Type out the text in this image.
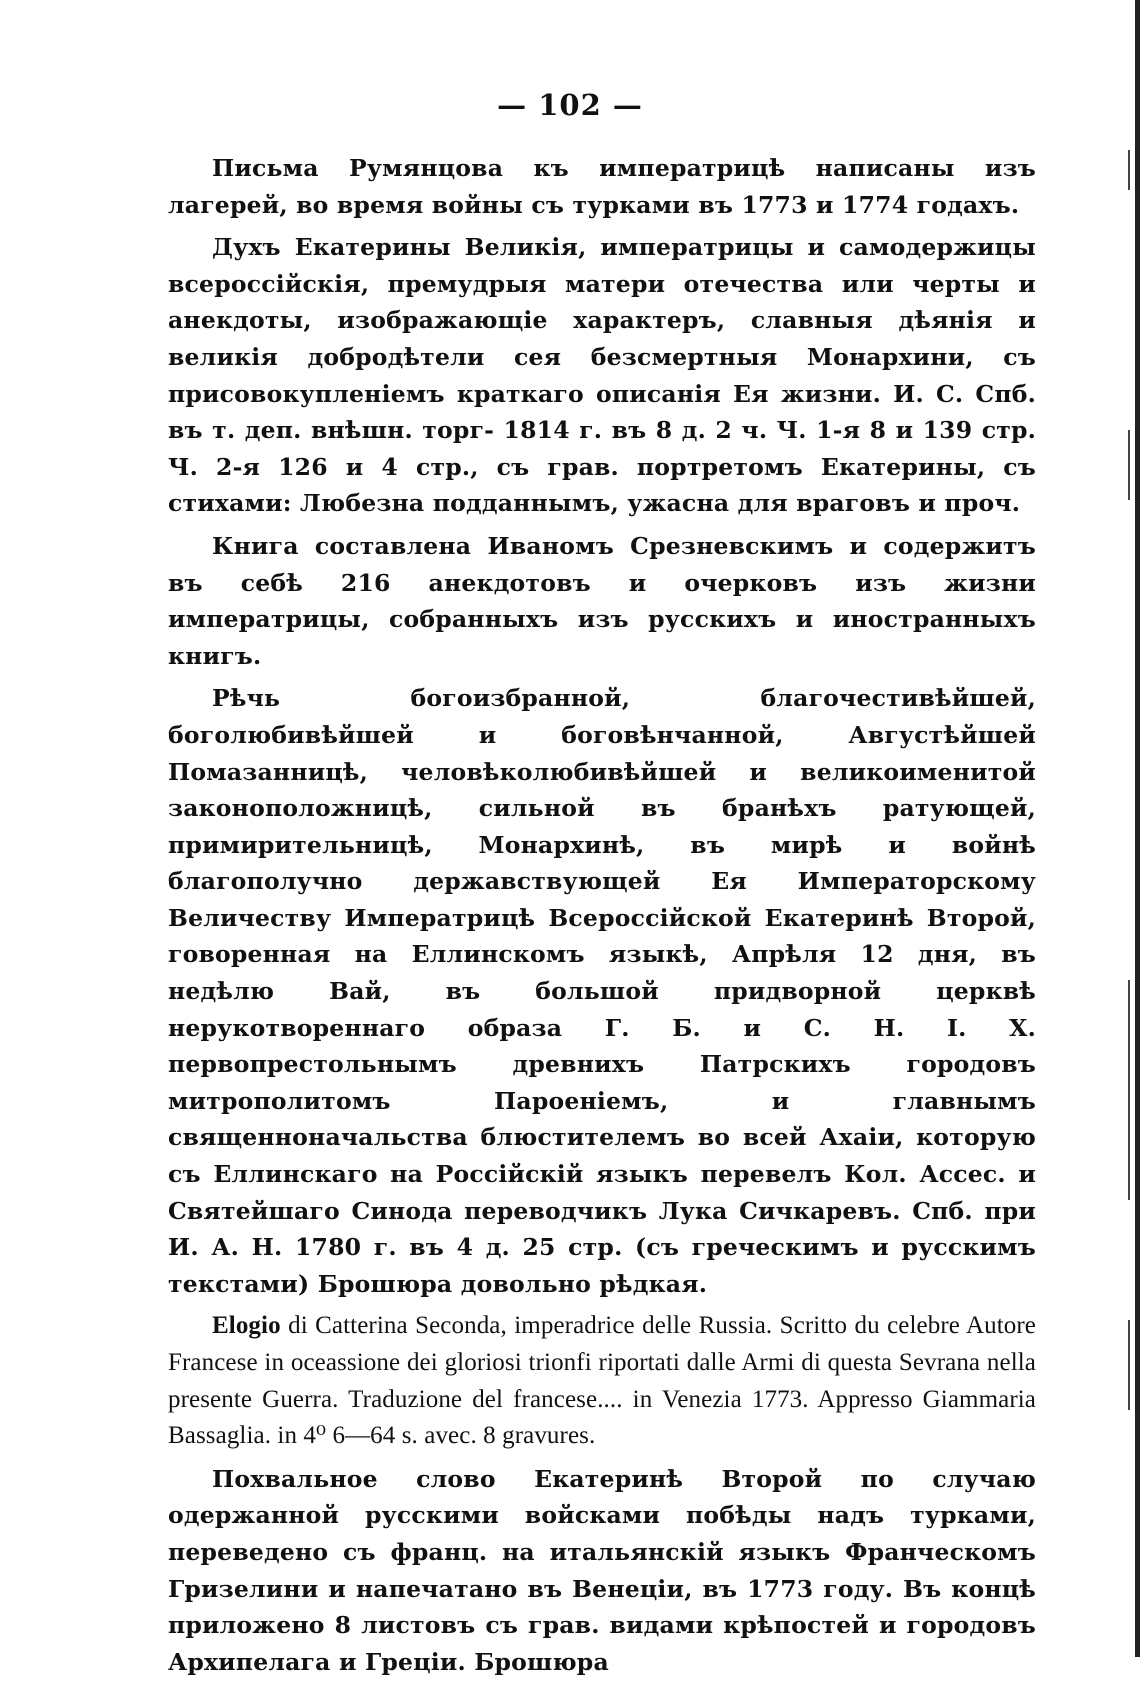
— 102 —

Письма Румянцова къ императрицѣ написаны изъ лагерей, во время войны съ турками въ 1773 и 1774 годахъ.

Духъ Екатерины Великія, императрицы и самодержицы всероссійскія, премудрыя матери отечества или черты и анекдоты, изображающіе характеръ, славныя дѣянія и великія добродѣтели сея безсмертныя Монархини, съ присовокупленіемъ краткаго описанія Ея жизни. И. С. Спб. въ т. деп. внѣшн. торг- 1814 г. въ 8 д. 2 ч. Ч. 1-я 8 и 139 стр. Ч. 2-я 126 и 4 стр., съ грав. портретомъ Екатерины, съ стихами: Любезна подданнымъ, ужасна для враговъ и проч.

Книга составлена Иваномъ Срезневскимъ и содержитъ въ себѣ 216 анекдотовъ и очерковъ изъ жизни императрицы, собранныхъ изъ русскихъ и иностранныхъ книгъ.

Рѣчь богоизбранной, благочестивѣйшей, боголюбивѣйшей и боговѣнчанной, Августѣйшей Помазанницѣ, человѣколюбивѣйшей и великоименитой законоположницѣ, сильной въ бранѣхъ ратующей, примирительницѣ, Монархинѣ, въ мирѣ и войнѣ благополучно державствующей Ея Императорскому Величеству Императрицѣ Всероссійской Екатеринѣ Второй, говоренная на Еллинскомъ языкѣ, Апрѣля 12 дня, въ недѣлю Вай, въ большой придворной церквѣ нерукотвореннаго образа Г. Б. и С. Н. І. Х. первопрестольнымъ древнихъ Патрскихъ городовъ митрополитомъ Пароеніемъ, и главнымъ священноначальства блюстителемъ во всей Ахаіи, которую съ Еллинскаго на Россійскій языкъ перевелъ Кол. Ассес. и Святейшаго Синода переводчикъ Лука Сичкаревъ. Спб. при И. А. Н. 1780 г. въ 4 д. 25 стр. (съ греческимъ и русскимъ текстами) Брошюра довольно рѣдкая.

Elogio di Catterina Seconda, imperadrice delle Russia. Scritto du celebre Autore Francese in oceassione dei gloriosi trionfi riportati dalle Armi di questa Sevrana nella presente Guerra. Traduzione del francese.... in Venezia 1773. Appresso Giammaria Bassaglia. in 4⁰ 6—64 s. avec. 8 gravures.

Похвальное слово Екатеринѣ Второй по случаю одержанной русскими войсками побѣды надъ турками, переведено съ франц. на итальянскій языкъ Франческомъ Гризелини и напечатано въ Венеціи, въ 1773 году. Въ концѣ приложено 8 листовъ съ грав. видами крѣпостей и городовъ Архипелага и Греціи. Брошюра
